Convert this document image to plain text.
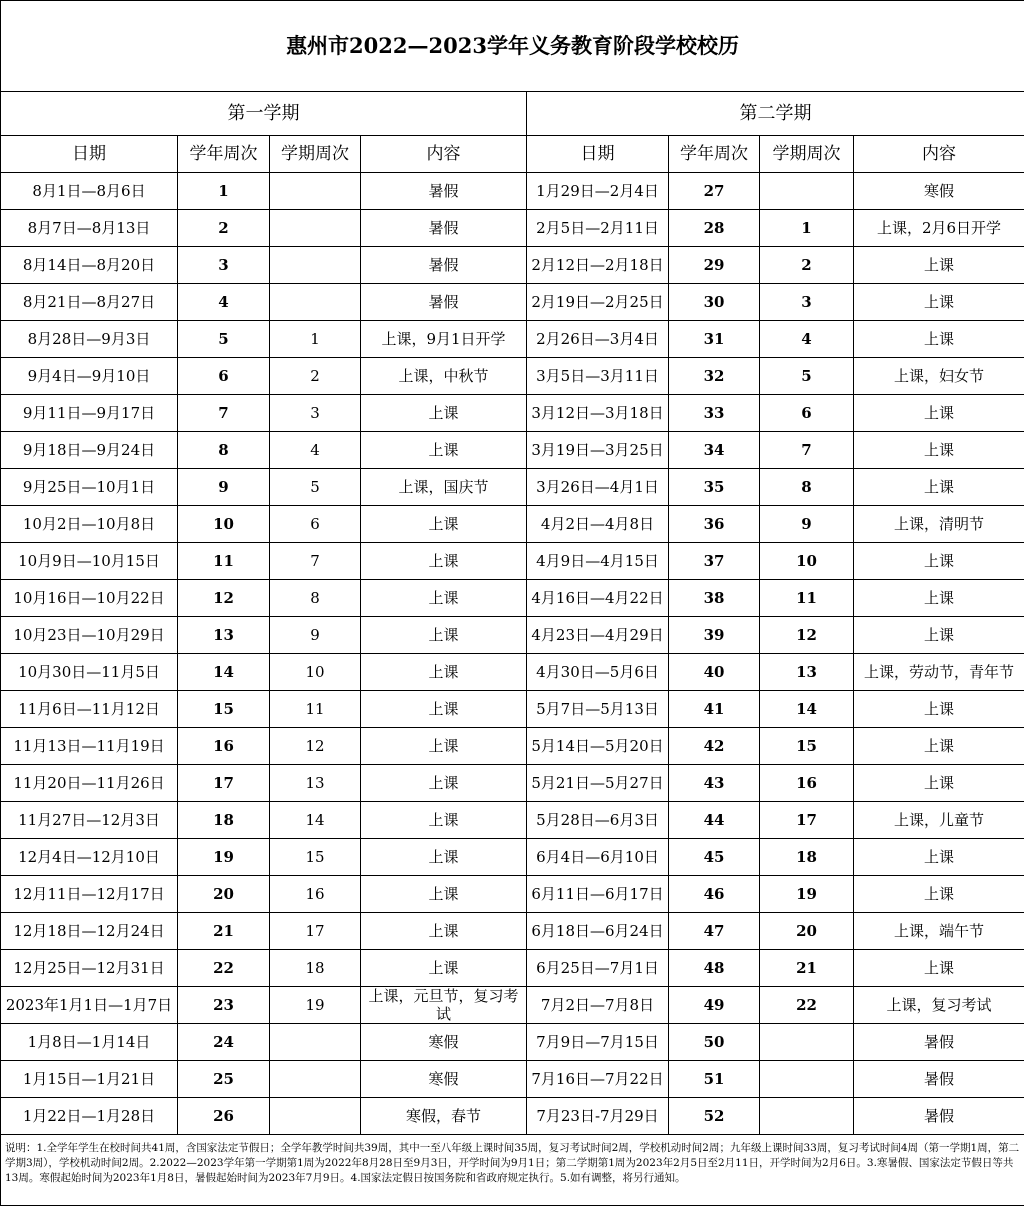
惠州市2022—2023学年义务教育阶段学校校历							
第一学期				第二学期			
日期	学年周次	学期周次	内容	日期	学年周次	学期周次	内容

8月1日—8月6日	1		暑假	1月29日—2月4日	27		寒假

8月7日—8月13日	2		暑假	2月5日—2月11日	28	1	上课，2月6日开学

8月14日—8月20日	3		暑假	2月12日—2月18日	29	2	上课

8月21日—8月27日	4		暑假	2月19日—2月25日	30	3	上课

8月28日—9月3日	5	1	上课，9月1日开学	2月26日—3月4日	31	4	上课

9月4日—9月10日	6	2	上课，中秋节	3月5日—3月11日	32	5	上课，妇女节

9月11日—9月17日	7	3	上课	3月12日—3月18日	33	6	上课

9月18日—9月24日	8	4	上课	3月19日—3月25日	34	7	上课

9月25日—10月1日	9	5	上课，国庆节	3月26日—4月1日	35	8	上课

10月2日—10月8日	10	6	上课	4月2日—4月8日	36	9	上课，清明节

10月9日—10月15日	11	7	上课	4月9日—4月15日	37	10	上课

10月16日—10月22日	12	8	上课	4月16日—4月22日	38	11	上课

10月23日—10月29日	13	9	上课	4月23日—4月29日	39	12	上课

10月30日—11月5日	14	10	上课	4月30日—5月6日	40	13	上课，劳动节，青年节

11月6日—11月12日	15	11	上课	5月7日—5月13日	41	14	上课

11月13日—11月19日	16	12	上课	5月14日—5月20日	42	15	上课

11月20日—11月26日	17	13	上课	5月21日—5月27日	43	16	上课

11月27日—12月3日	18	14	上课	5月28日—6月3日	44	17	上课，儿童节

12月4日—12月10日	19	15	上课	6月4日—6月10日	45	18	上课

12月11日—12月17日	20	16	上课	6月11日—6月17日	46	19	上课

12月18日—12月24日	21	17	上课	6月18日—6月24日	47	20	上课，端午节

12月25日—12月31日	22	18	上课	6月25日—7月1日	48	21	上课

2023年1月1日—1月7日	23	19	上课，元旦节，复习考试	7月2日—7月8日	49	22	上课，复习考试

1月8日—1月14日	24		寒假	7月9日—7月15日	50		暑假

1月15日—1月21日	25		寒假	7月16日—7月22日	51		暑假

1月22日—1月28日	26		寒假，春节	7月23日-7月29日	52		暑假

说明：1.全学年学生在校时间共41周，含国家法定节假日；全学年教学时间共39周，其中一至八年级上课时间35周，复习考试时间2周，学校机动时间2周；九年级上课时间33周，复习考试时间4周（第一学期1周，第二学期3周），学校机动时间2周。2.2022—2023学年第一学期第1周为2022年8月28日至9月3日，开学时间为9月1日；第二学期第1周为2023年2月5日至2月11日，开学时间为2月6日。3.寒暑假、国家法定节假日等共13周。寒假起始时间为2023年1月8日，暑假起始时间为2023年7月9日。4.国家法定假日按国务院和省政府规定执行。5.如有调整，将另行通知。							
